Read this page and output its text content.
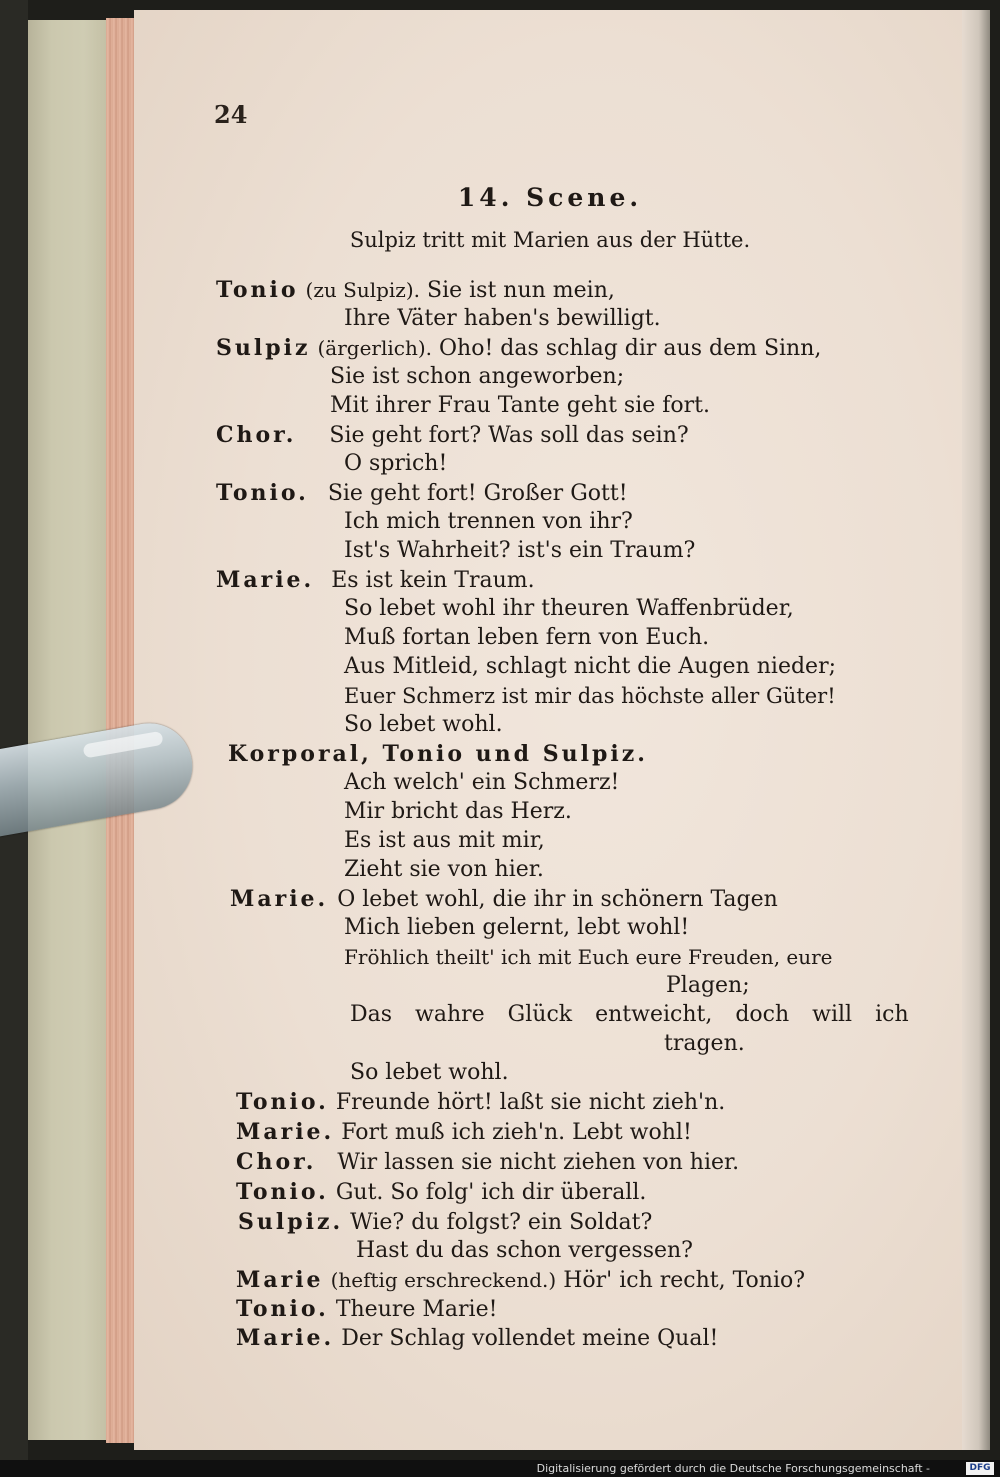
24
14. Scene.
Sulpiz tritt mit Marien aus der Hütte.
Tonio (zu Sulpiz). Sie ist nun mein,
Ihre Väter haben's bewilligt.
Sulpiz (ärgerlich). Oho! das schlag dir aus dem Sinn,
Sie ist schon angeworben;
Mit ihrer Frau Tante geht sie fort.
Chor. Sie geht fort? Was soll das sein?
O sprich!
Tonio. Sie geht fort! Großer Gott!
Ich mich trennen von ihr?
Ist's Wahrheit? ist's ein Traum?
Marie. Es ist kein Traum.
So lebet wohl ihr theuren Waffenbrüder,
Muß fortan leben fern von Euch.
Aus Mitleid, schlagt nicht die Augen nieder;
Euer Schmerz ist mir das höchste aller Güter!
So lebet wohl.
Korporal, Tonio und Sulpiz.
Ach welch' ein Schmerz!
Mir bricht das Herz.
Es ist aus mit mir,
Zieht sie von hier.
Marie. O lebet wohl, die ihr in schönern Tagen
Mich lieben gelernt, lebt wohl!
Fröhlich theilt' ich mit Euch eure Freuden, eure
Plagen;
Das wahre Glück entweicht, doch will ich
tragen.
So lebet wohl.
Tonio. Freunde hört! laßt sie nicht zieh'n.
Marie. Fort muß ich zieh'n. Lebt wohl!
Chor. Wir lassen sie nicht ziehen von hier.
Tonio. Gut. So folg' ich dir überall.
Sulpiz. Wie? du folgst? ein Soldat?
Hast du das schon vergessen?
Marie (heftig erschreckend.) Hör' ich recht, Tonio?
Tonio. Theure Marie!
Marie. Der Schlag vollendet meine Qual!
Digitalisierung gefördert durch die Deutsche Forschungsgemeinschaft -	DFG
